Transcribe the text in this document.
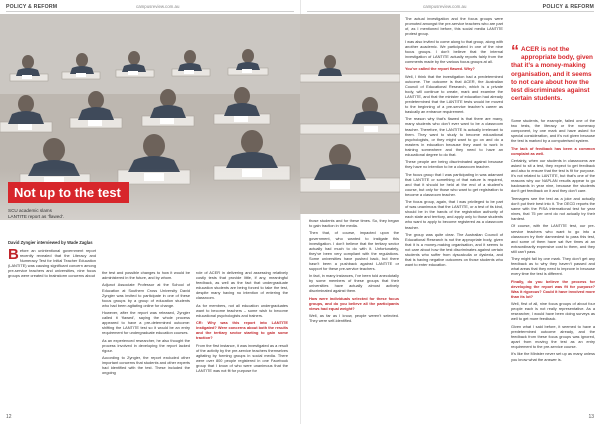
POLICY & REFORM	campusreview.com.au
Not up to the test
SCU academic slams LANTITE report as ‘flawed’.
David Zyngier interviewed by Wade Zaglas

Before an unintentional government report recently revealed that the Literacy and Numeracy Test for Initial Teacher Education (LANTITE) was causing significant concern among pre-service teachers and universities, nine focus groups were created to brainstorm concerns about

the test and possible changes to how it would be administered in the future, and by whom.

Adjunct Associate Professor at the School of Education at Southern Cross University David Zyngier was invited to participate in one of these focus groups by a group of education students who had been agitating online for change.

However, after the report was released, Zyngier called it ‘flawed’, saying the whole process appeared to have a pre-determined outcome: shifting the LANTITE test so it would be an entry requirement for undergraduate education courses.

As an experienced researcher, he also thought the process involved in developing the report lacked rigour.

According to Zyngier, the report excluded other important concerns that students and other experts had identified with the test. These included the ongoing

role of ACER in delivering and assessing relatively costly tests that provide little, if any, meaningful feedback, as well as the fact that undergraduate education students are being forced to take the test, despite many having no intention of entering the classroom.

As for members, not all education undergraduates want to become teachers – some wish to become educational psychologists and trainers.

CR: Why was this report into LANTITE instigated? Were concerns about both the results and the tertiary sector starting to gain some traction?

From the first instance, it was investigated as a result of the activity by the pre-service teachers themselves agitating by forming groups in social media. There were over 800 people registered in one Facebook group that I know of who were unanimous that the LANTITE was not fit for purpose for

12
POLICY & REFORM
campusreview.com.au

those students and for these times. So, they began to gain traction in the media.

Then that, of course, impacted upon the government, who wanted to instigate this investigation. I don’t believe that the tertiary sector actually had much to do with it. Unfortunately, they’ve been very compliant with the regulations. Some universities have pushed back, but there hasn’t been a pushback against LANTITE or support for these pre-service teachers.

In fact, in many instances, I’ve been told anecdotally by some members of these groups that their universities have actually almost actively discriminated against them.

How were individuals selected for these focus groups, and do you believe all the participants views had equal weight?

Well, as far as I know, people weren’t selected. They were self-identified.

The actual investigation and the focus groups were promoted amongst the pre-service teachers who are part of, as I mentioned before, this social media LANTITE protest group.

I was also invited to come along to that group, along with another academic. We participated in one of the nine focus groups. I don’t believe that the internal investigation of LANTITE actually reports fairly from the comments made by the various focus groups at all.

You’ve called the report flawed. Why?

Well, I think that the investigation had a predetermined outcome. The outcome is that ACER, the Australian Council of Educational Research, which is a private body, will continue to create, mark and examine the LANTITE, and that the minister of education had already predetermined that the LANTITE tests would be moved to the beginning of a pre-service teacher’s career as basically an entrance requirement.

The reason why that’s flawed is that there are many, many students who don’t ever want to be a classroom teacher. Therefore, the LANTITE is actually irrelevant to them. They want to study to become educational psychologists, or they might want to go on and do a masters in education because they want to work in training somewhere and they need to have an educational degree to do that.

These people are being discriminated against because they have no intention to be a classroom teacher.

The focus group that I was participating in was adamant that LANTITE or something of that nature is required, and that it should be held at the end of a student’s course, but only for those who want to get registration to become a classroom teacher.

The focus group, again, that I was privileged to be part of was unanimous that the LANTITE, or a test of its kind, should be in the hands of the registration authority of each state and territory, and apply only to those students who want to apply to become registered as a classroom teacher.

The group was quite clear. The Australian Council of Educational Research is not the appropriate body, given that it is a money-making organisation, and it seems to not care about how the test discriminates against certain students who suffer from dyscalculia or dyslexia, and that is having negative outcomes on those students who want to enter education.

“ ACER is not the appropriate body, given that it’s a money-making organisation, and it seems to not care about how the test discriminates against certain students.

Some students, for example, failed one of the two tests, the literacy or the numeracy component, by one mark and have asked for special consideration, and it’s not given because the test is marked by a computerised system.

The lack of feedback has been a common complaint as well.

Certainly, when our students in classrooms are asked to sit a test, they expect to get feedback and also to ensure that the test is fit for purpose. It’s not related to LANTITE, but that’s one of the reasons why our NAPLAN results appear to go backwards in year nine, because the students don’t get feedback on it and they don’t care.

Teenagers see the test as a joke and actually don’t put their best into it. The OECD reports the same with the PISA international test for year nines, that 75 per cent do not actually try their hardest.

Of course, with the LANTITE test, our pre-service teachers who want to go into a classroom try their damnedest to pass this test, and some of them have sat five times at an extraordinarily expensive cost to them, and they still can’t pass.

They might fail by one mark. They don’t get any feedback as to why they haven’t passed and what areas that they need to improve in because every time the test is different.

Finally, do you believe the process for developing the report was fit for purpose? Was it rigorous? Could it have involved more than its lot?

Well, first of all, nine focus groups of about four people each is not really representative. As a researcher, I would have been doing surveys as well to get more feedback.

Given what I said before, it seemed to have a predetermined outcome already, and the feedback from these focus groups was ignored, apart from moving the test as an entry requirement to the pre-service course.

It’s like the Minister never set up as many unless you know what the answer is.

13
